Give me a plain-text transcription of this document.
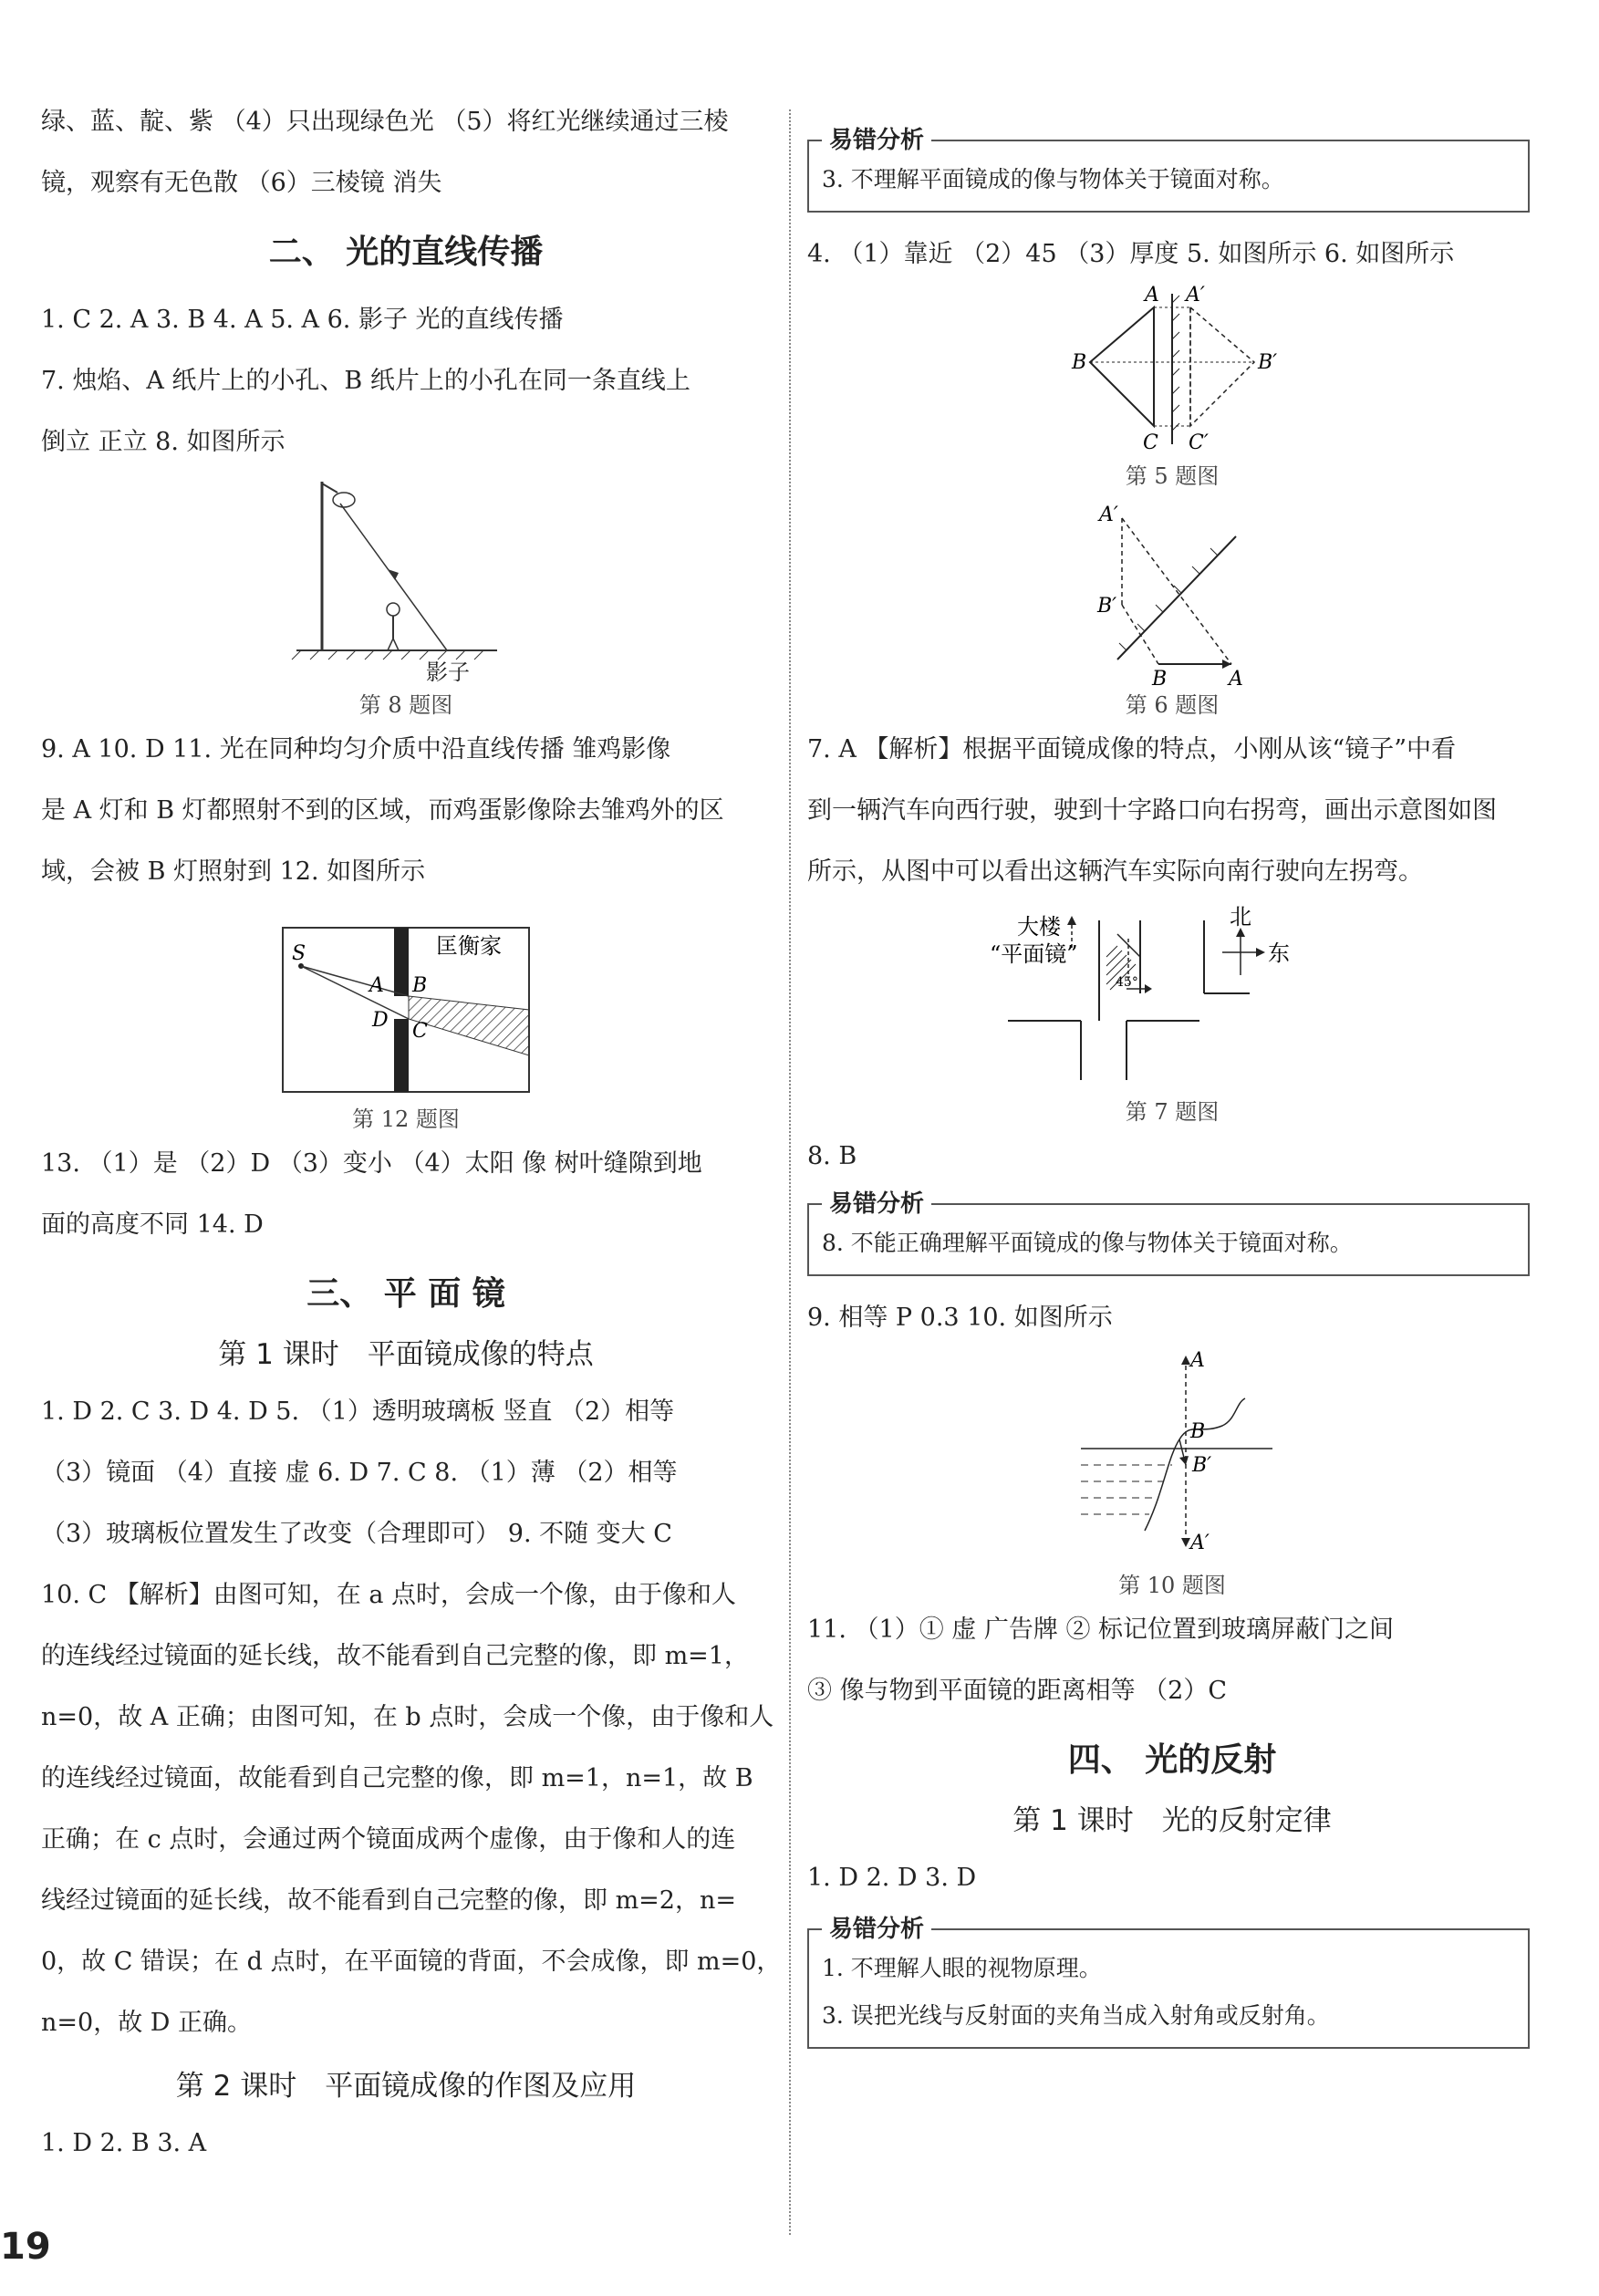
绿、蓝、靛、紫 （4）只出现绿色光 （5）将红光继续通过三棱
镜，观察有无色散 （6）三棱镜 消失
二、 光的直线传播
1. C 2. A 3. B 4. A 5. A 6. 影子 光的直线传播
7. 烛焰、A 纸片上的小孔、B 纸片上的小孔在同一条直线上
倒立 正立 8. 如图所示
影子
第 8 题图
9. A 10. D 11. 光在同种均匀介质中沿直线传播 雏鸡影像
是 A 灯和 B 灯都照射不到的区域，而鸡蛋影像除去雏鸡外的区
域，会被 B 灯照射到 12. 如图所示
S
A B
C
D
匡衡家
第 12 题图
13. （1）是 （2）D （3）变小 （4）太阳 像 树叶缝隙到地
面的高度不同 14. D
三、 平 面 镜
第 1 课时　平面镜成像的特点
1. D 2. C 3. D 4. D 5. （1）透明玻璃板 竖直 （2）相等
（3）镜面 （4）直接 虚 6. D 7. C 8. （1）薄 （2）相等
（3）玻璃板位置发生了改变（合理即可） 9. 不随 变大 C
10. C 【解析】由图可知，在 a 点时，会成一个像，由于像和人
的连线经过镜面的延长线，故不能看到自己完整的像，即 m=1，
n=0，故 A 正确；由图可知，在 b 点时，会成一个像，由于像和人
的连线经过镜面，故能看到自己完整的像，即 m=1，n=1，故 B
正确；在 c 点时，会通过两个镜面成两个虚像，由于像和人的连
线经过镜面的延长线，故不能看到自己完整的像，即 m=2，n=
0，故 C 错误；在 d 点时，在平面镜的背面，不会成像，即 m=0，
n=0，故 D 正确。
第 2 课时　平面镜成像的作图及应用
1. D 2. B 3. A
易错分析
3. 不理解平面镜成的像与物体关于镜面对称。
4. （1）靠近 （2）45 （3）厚度 5. 如图所示 6. 如图所示
A A′
B	B′
C C′
第 5 题图
A′
B′
B	A
第 6 题图
7. A 【解析】根据平面镜成像的特点，小刚从该“镜子”中看
到一辆汽车向西行驶，驶到十字路口向右拐弯，画出示意图如图
所示，从图中可以看出这辆汽车实际向南行驶向左拐弯。
大楼
“平面镜”
45°
北
东
第 7 题图
8. B
易错分析
8. 不能正确理解平面镜成的像与物体关于镜面对称。
9. 相等 P 0.3 10. 如图所示
A
B
B′
A′
第 10 题图
11. （1）① 虚 广告牌 ② 标记位置到玻璃屏蔽门之间
③ 像与物到平面镜的距离相等 （2）C
四、 光的反射
第 1 课时　光的反射定律
1. D 2. D 3. D
易错分析
1. 不理解人眼的视物原理。
3. 误把光线与反射面的夹角当成入射角或反射角。
19
